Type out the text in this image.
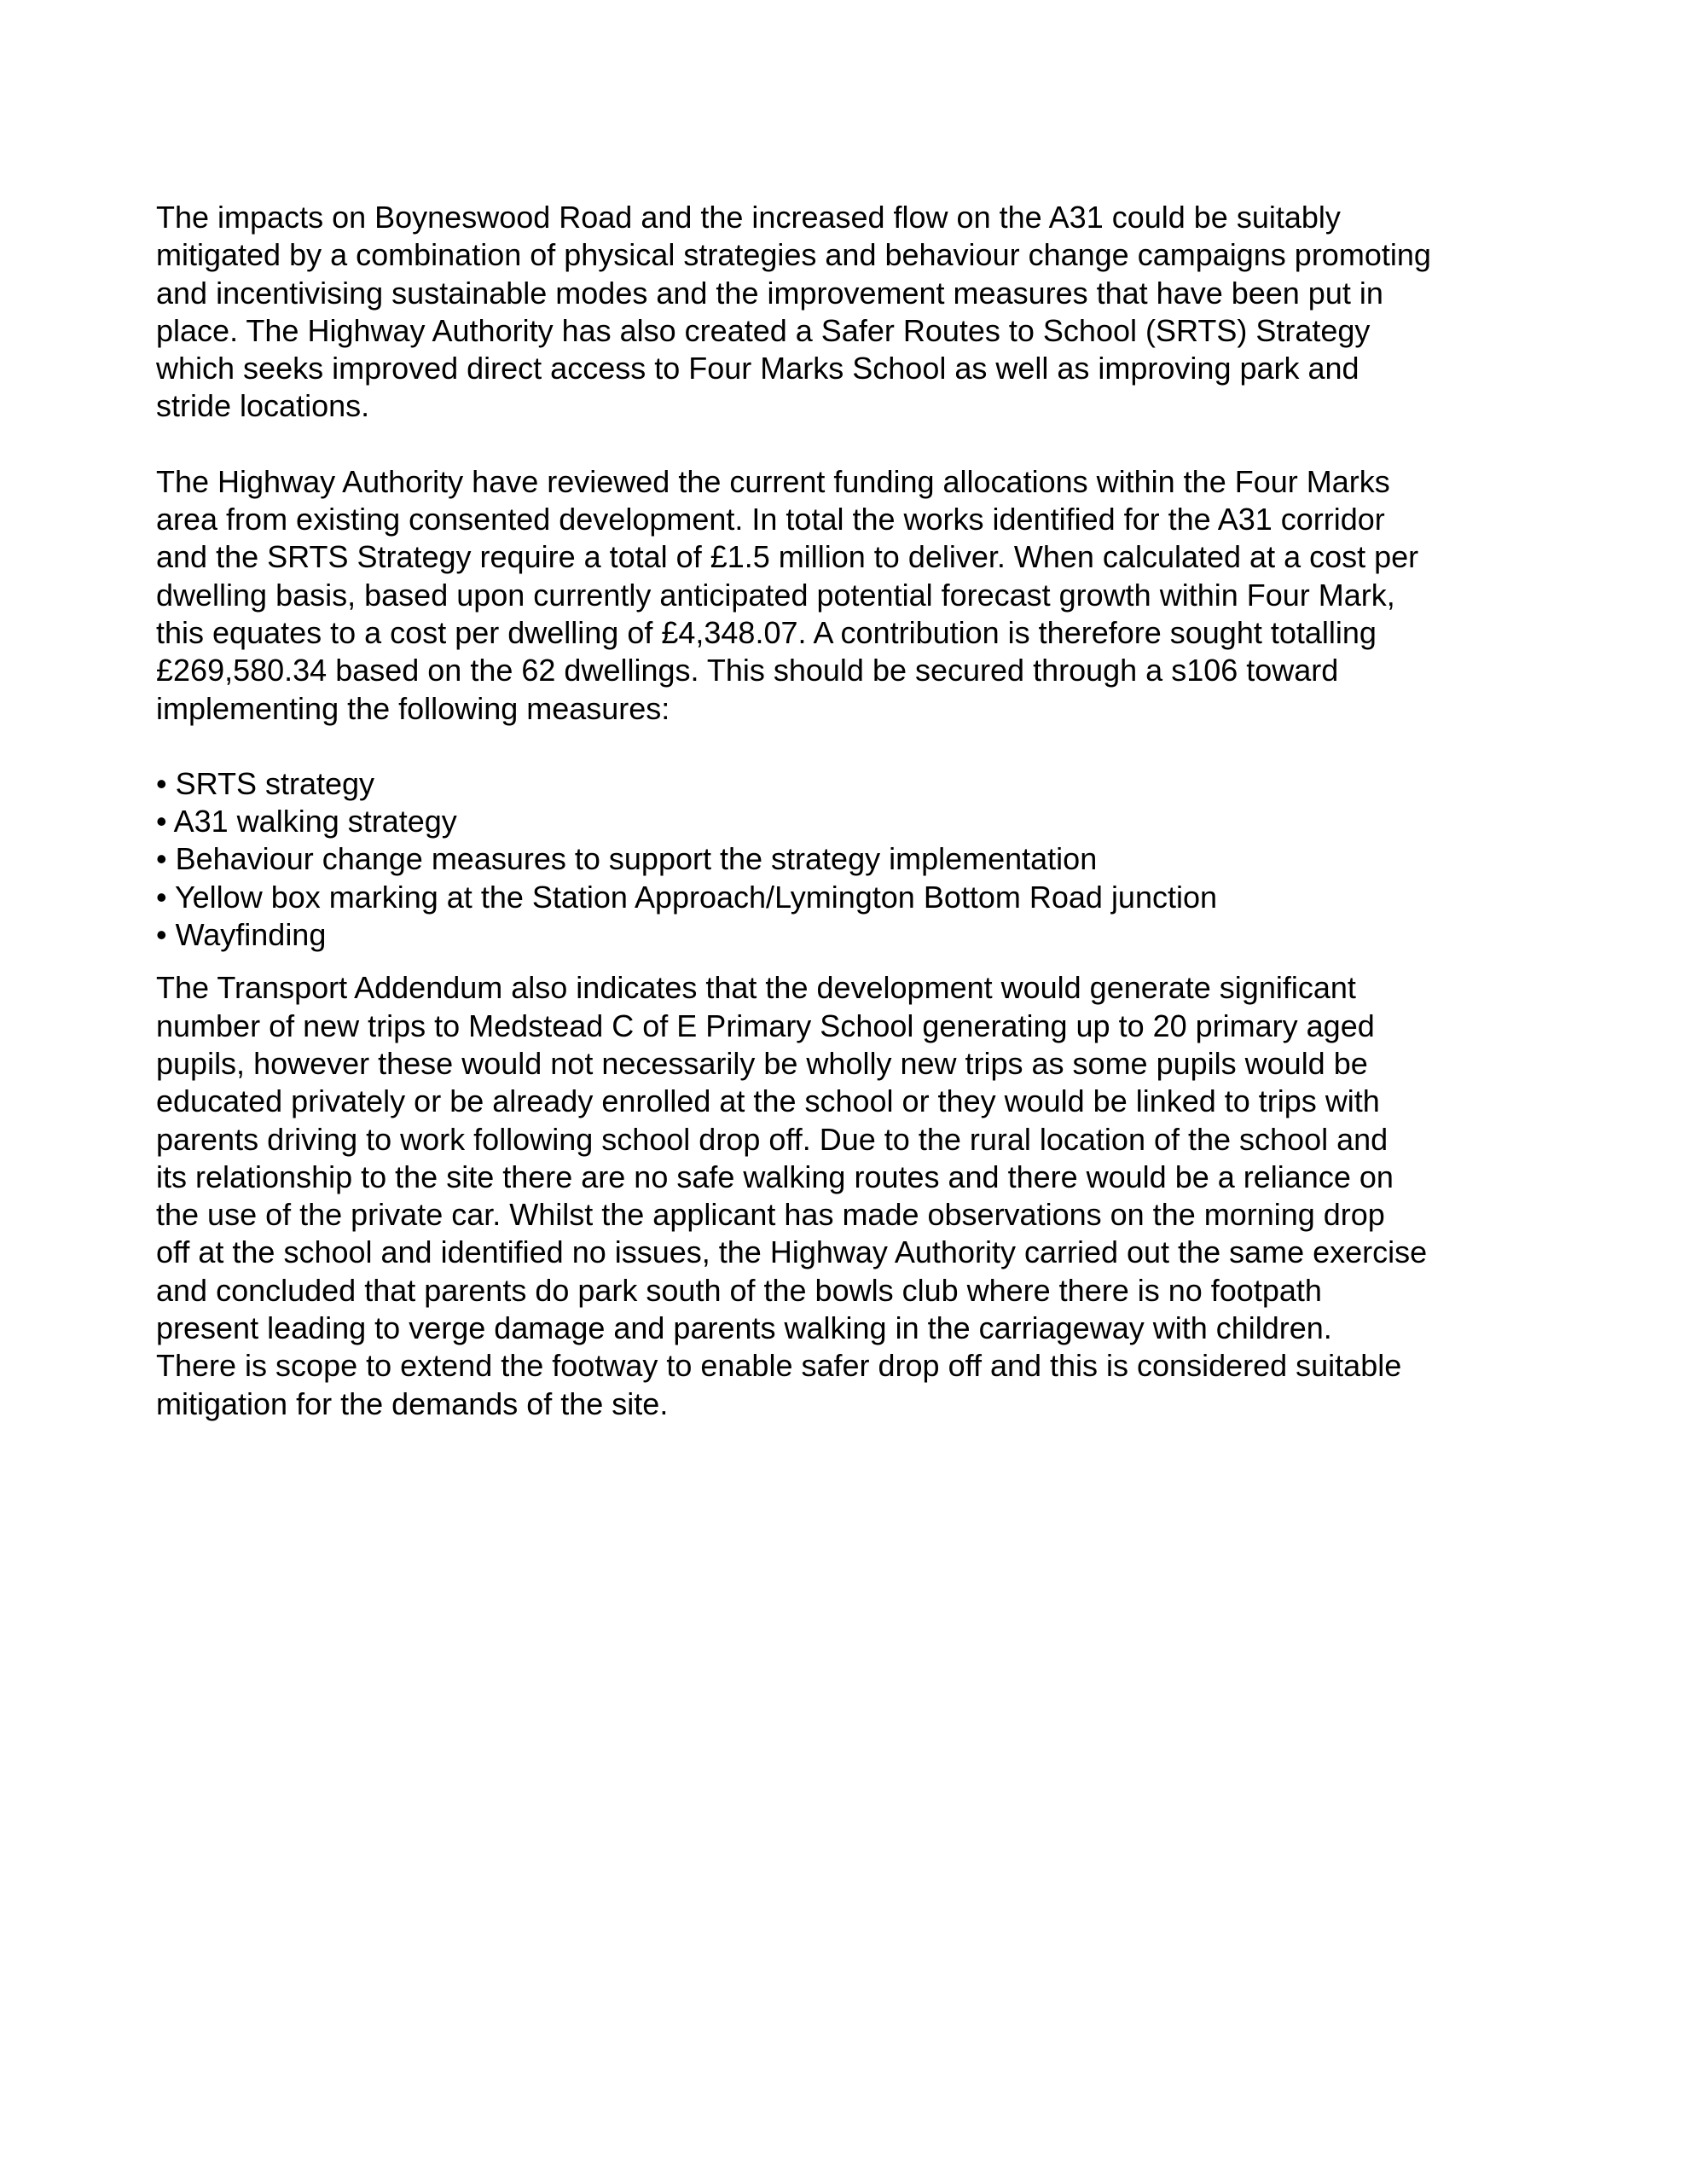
The impacts on Boyneswood Road and the increased flow on the A31 could be suitably
mitigated by a combination of physical strategies and behaviour change campaigns promoting
and incentivising sustainable modes and the improvement measures that have been put in
place. The Highway Authority has also created a Safer Routes to School (SRTS) Strategy
which seeks improved direct access to Four Marks School as well as improving park and
stride locations.
The Highway Authority have reviewed the current funding allocations within the Four Marks
area from existing consented development. In total the works identified for the A31 corridor
and the SRTS Strategy require a total of £1.5 million to deliver. When calculated at a cost per
dwelling basis, based upon currently anticipated potential forecast growth within Four Mark,
this equates to a cost per dwelling of £4,348.07. A contribution is therefore sought totalling
£269,580.34 based on the 62 dwellings. This should be secured through a s106 toward
implementing the following measures:
• SRTS strategy
• A31 walking strategy
• Behaviour change measures to support the strategy implementation
• Yellow box marking at the Station Approach/Lymington Bottom Road junction
• Wayfinding
The Transport Addendum also indicates that the development would generate significant
number of new trips to Medstead C of E Primary School generating up to 20 primary aged
pupils, however these would not necessarily be wholly new trips as some pupils would be
educated privately or be already enrolled at the school or they would be linked to trips with
parents driving to work following school drop off. Due to the rural location of the school and
its relationship to the site there are no safe walking routes and there would be a reliance on
the use of the private car. Whilst the applicant has made observations on the morning drop
off at the school and identified no issues, the Highway Authority carried out the same exercise
and concluded that parents do park south of the bowls club where there is no footpath
present leading to verge damage and parents walking in the carriageway with children.
There is scope to extend the footway to enable safer drop off and this is considered suitable
mitigation for the demands of the site.
